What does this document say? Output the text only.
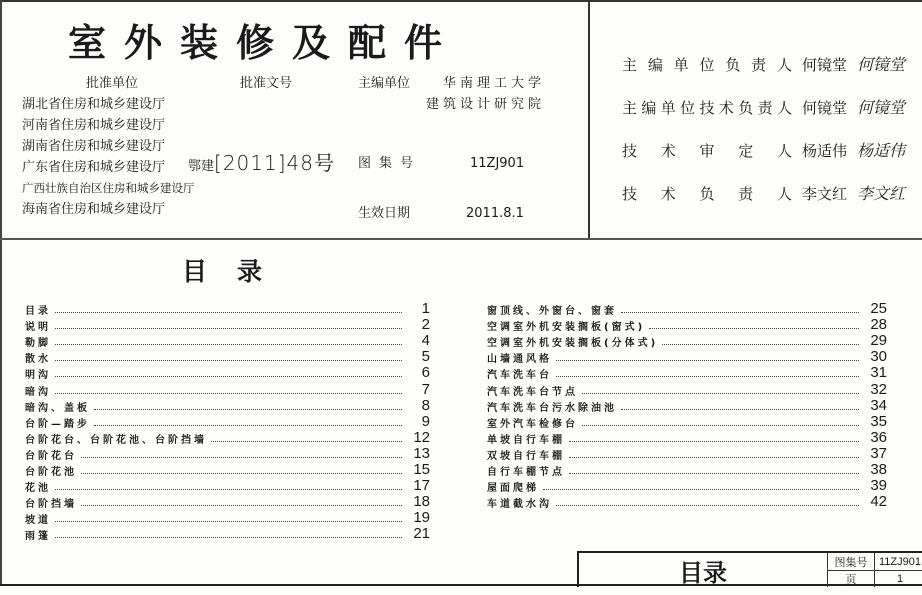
室外装修及配件
批准单位
湖北省住房和城乡建设厅
河南省住房和城乡建设厅
湖南省住房和城乡建设厅
广东省住房和城乡建设厅
广西壮族自治区住房和城乡建设厅
海南省住房和城乡建设厅
批准文号
鄂建[2011]48号
主编单位	华南理工大学
建筑设计研究院
图集号	11ZJ901
生效日期	2011.8.1
主编单位负责人 何镜堂 何镜堂
主编单位技术负责人 何镜堂 何镜堂
技术审定人 杨适伟 杨适伟
技术负责人 李文红 李文红
目录
目录	1
说明	2
勒脚	4
散水	5
明沟	6
暗沟	7
暗沟、盖板	8
台阶—踏步	9
台阶花台、台阶花池、台阶挡墙	12
台阶花台	13
台阶花池	15
花池	17
台阶挡墙	18
坡道	19
雨篷	21
窗顶线、外窗台、窗套	25
空调室外机安装搁板(窗式)	28
空调室外机安装搁板(分体式)	29
山墙通风格	30
汽车洗车台	31
汽车洗车台节点	32
汽车洗车台污水除油池	34
室外汽车检修台	35
单坡自行车棚	36
双坡自行车棚	37
自行车棚节点	38
屋面爬梯	39
车道截水沟	42
目录	图集号	11ZJ901
页	1
